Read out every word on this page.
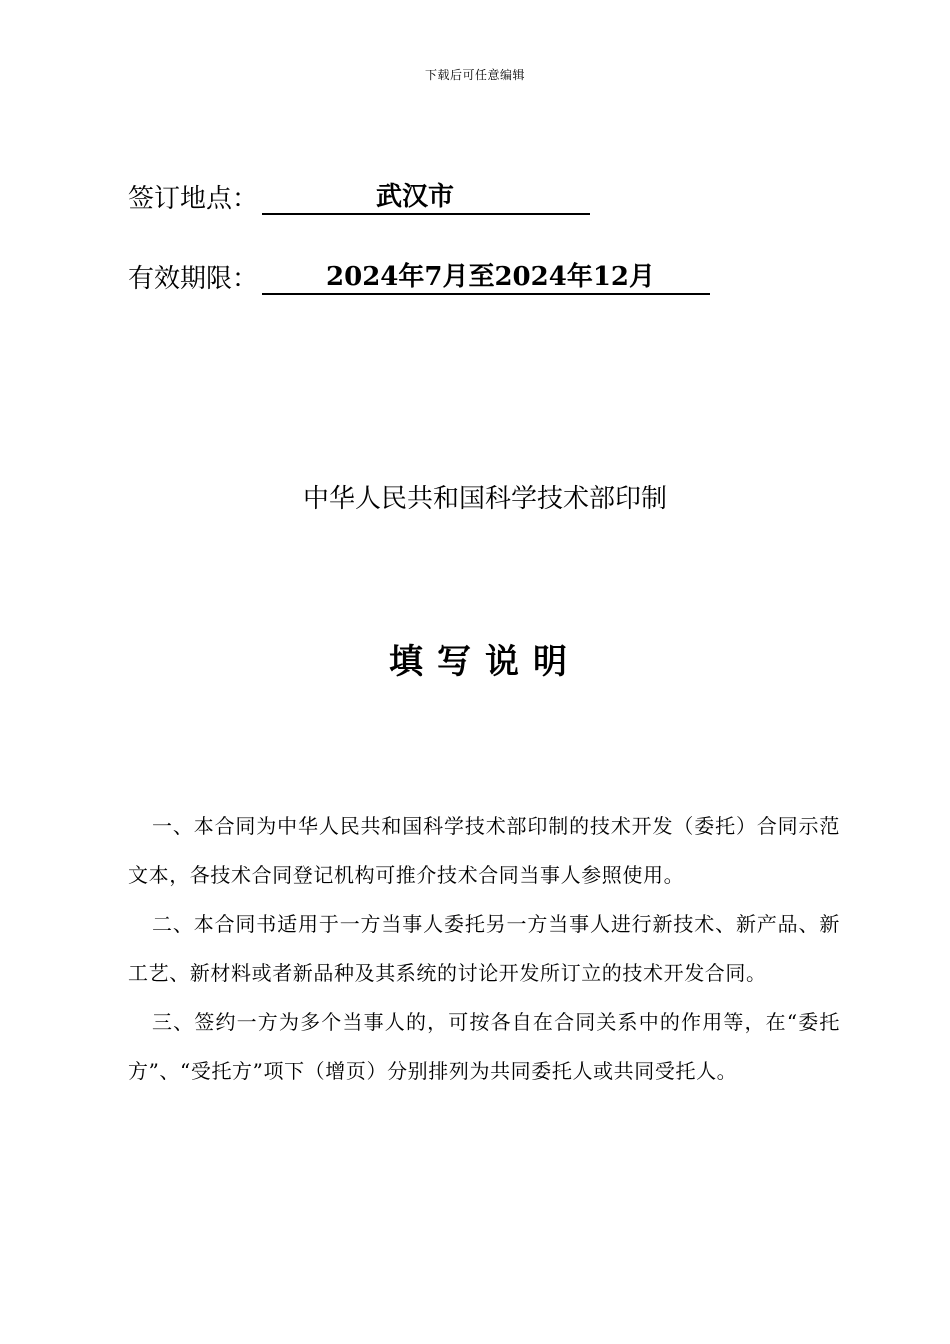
下载后可任意编辑
签订地点：	武汉市
有效期限：	2024年7月至2024年12月
中华人民共和国科学技术部印制
填写说明

一、本合同为中华人民共和国科学技术部印制的技术开发（委托）合同示范文本，各技术合同登记机构可推介技术合同当事人参照使用。

二、本合同书适用于一方当事人委托另一方当事人进行新技术、新产品、新工艺、新材料或者新品种及其系统的讨论开发所订立的技术开发合同。

三、签约一方为多个当事人的，可按各自在合同关系中的作用等，在“委托方”、“受托方”项下（增页）分别排列为共同委托人或共同受托人。
